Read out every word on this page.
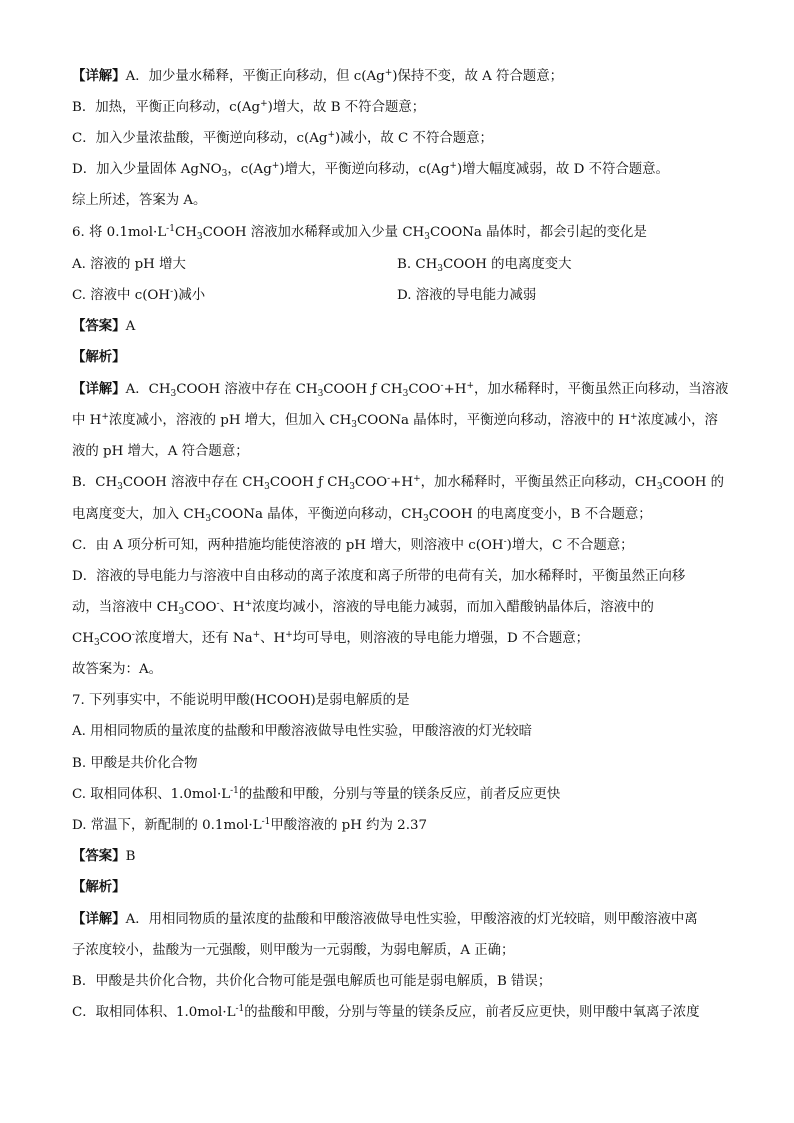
【详解】A．加少量水稀释，平衡正向移动，但 c(Ag+)保持不变，故 A 符合题意；
B．加热，平衡正向移动，c(Ag+)增大，故 B 不符合题意；
C．加入少量浓盐酸，平衡逆向移动，c(Ag+)减小，故 C 不符合题意；
D．加入少量固体 AgNO$_3$，c(Ag+)增大，平衡逆向移动，c(Ag+)增大幅度减弱，故 D 不符合题意。
综上所述，答案为 A。
6. 将 $0.1mol\cdot L^{-1}CH_3COOH$ 溶液加水稀释或加入少量 $CH_3COONa$ 晶体时，都会引起的变化是
A. 溶液的 pH 增大	B. $CH_3COOH$ 的电离度变大
C. 溶液中 c(OH-)减小	D. 溶液的导电能力减弱
【答案】A
【解析】
【详解】A．$CH_3COOH$ 溶液中存在 $CH_3COOH$ ƒ $CH_3COO^-+H^+$，加水稀释时，平衡虽然正向移动，当溶液
中 H+浓度减小，溶液的 pH 增大，但加入 $CH_3COONa$ 晶体时，平衡逆向移动，溶液中的 H+浓度减小，溶
液的 pH 增大，A 符合题意；
B．$CH_3COOH$ 溶液中存在 $CH_3COOH$ ƒ $CH_3COO^-+H^+$，加水稀释时，平衡虽然正向移动，$CH_3COOH$ 的
电离度变大，加入 $CH_3COONa$ 晶体，平衡逆向移动，$CH_3COOH$ 的电离度变小，B 不合题意；
C．由 A 项分析可知，两种措施均能使溶液的 pH 增大，则溶液中 c(OH-)增大，C 不合题意；
D．溶液的导电能力与溶液中自由移动的离子浓度和离子所带的电荷有关，加水稀释时，平衡虽然正向移
动，当溶液中 $CH_3COO^-$、H+浓度均减小，溶液的导电能力减弱，而加入醋酸钠晶体后，溶液中的
$CH_3COO^-$浓度增大，还有 Na+、H+均可导电，则溶液的导电能力增强，D 不合题意；
故答案为：A。
7. 下列事实中，不能说明甲酸(HCOOH)是弱电解质的是
A. 用相同物质的量浓度的盐酸和甲酸溶液做导电性实验，甲酸溶液的灯光较暗
B. 甲酸是共价化合物
C. 取相同体积、$1.0mol\cdot L^{-1}$的盐酸和甲酸，分别与等量的镁条反应，前者反应更快
D. 常温下，新配制的 $0.1mol\cdot L^{-1}$甲酸溶液的 pH 约为 2.37
【答案】B
【解析】
【详解】A．用相同物质的量浓度的盐酸和甲酸溶液做导电性实验，甲酸溶液的灯光较暗，则甲酸溶液中离
子浓度较小，盐酸为一元强酸，则甲酸为一元弱酸，为弱电解质，A 正确；
B．甲酸是共价化合物，共价化合物可能是强电解质也可能是弱电解质，B 错误；
C．取相同体积、$1.0mol\cdot L^{-1}$的盐酸和甲酸，分别与等量的镁条反应，前者反应更快，则甲酸中氧离子浓度
